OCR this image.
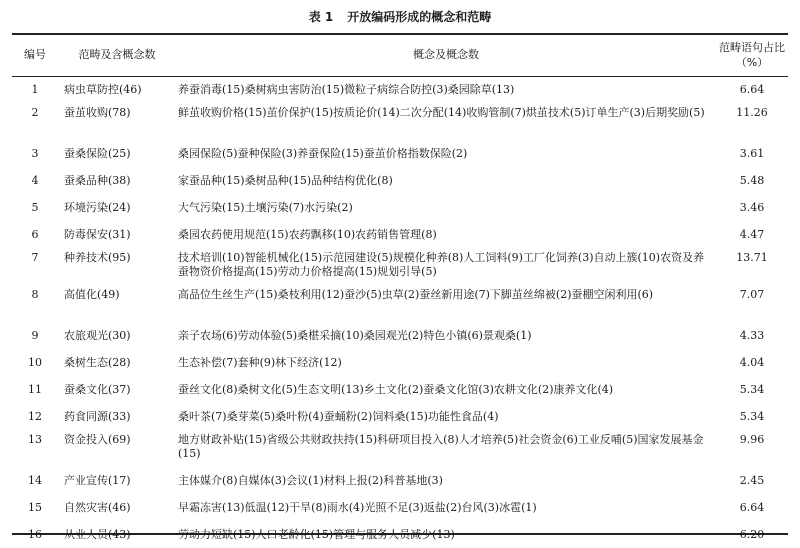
表 1 开放编码形成的概念和范畴
编号	范畴及含概念数	概念及概念数	范畴语句占比
（%）

1	病虫草防控(46)	养蚕消毒(15)桑树病虫害防治(15)微粒子病综合防控(3)桑园除草(13)	6.64
2	蚕茧收购(78)	鲜茧收购价格(15)茧价保护(15)按质论价(14)二次分配(14)收购管制(7)烘茧技术(5)订单生产(3)后期奖励(5)	11.26
3	蚕桑保险(25)	桑园保险(5)蚕种保险(3)养蚕保险(15)蚕茧价格指数保险(2)	3.61
4	蚕桑品种(38)	家蚕品种(15)桑树品种(15)品种结构优化(8)	5.48
5	环境污染(24)	大气污染(15)土壤污染(7)水污染(2)	3.46
6	防毒保安(31)	桑园农药使用规范(15)农药飘移(10)农药销售管理(8)	4.47
7	种养技术(95)	技术培训(10)智能机械化(15)示范园建设(5)规模化种养(8)人工饲料(9)工厂化饲养(3)自动上簇(10)农资及养蚕物资价格提高(15)劳动力价格提高(15)规划引导(5)	13.71
8	高值化(49)	高品位生丝生产(15)桑枝利用(12)蚕沙(5)虫草(2)蚕丝新用途(7)下脚茧丝绵被(2)蚕棚空闲利用(6)	7.07
9	农旅观光(30)	亲子农场(6)劳动体验(5)桑椹采摘(10)桑园观光(2)特色小镇(6)景观桑(1)	4.33
10	桑树生态(28)	生态补偿(7)套种(9)林下经济(12)	4.04
11	蚕桑文化(37)	蚕丝文化(8)桑树文化(5)生态文明(13)乡土文化(2)蚕桑文化馆(3)农耕文化(2)康养文化(4)	5.34
12	药食同源(33)	桑叶茶(7)桑芽菜(5)桑叶粉(4)蚕蛹粉(2)饲料桑(15)功能性食品(4)	5.34
13	资金投入(69)	地方财政补贴(15)省级公共财政扶持(15)科研项目投入(8)人才培养(5)社会资金(6)工业反哺(5)国家发展基金(15)	9.96
14	产业宣传(17)	主体媒介(8)自媒体(3)会议(1)材料上报(2)科普基地(3)	2.45
15	自然灾害(46)	早霜冻害(13)低温(12)干旱(8)雨水(4)光照不足(3)返盐(2)台风(3)冰雹(1)	6.64
16	从业人员(43)	劳动力短缺(15)人口老龄化(15)管理与服务人员减少(13)	6.20
